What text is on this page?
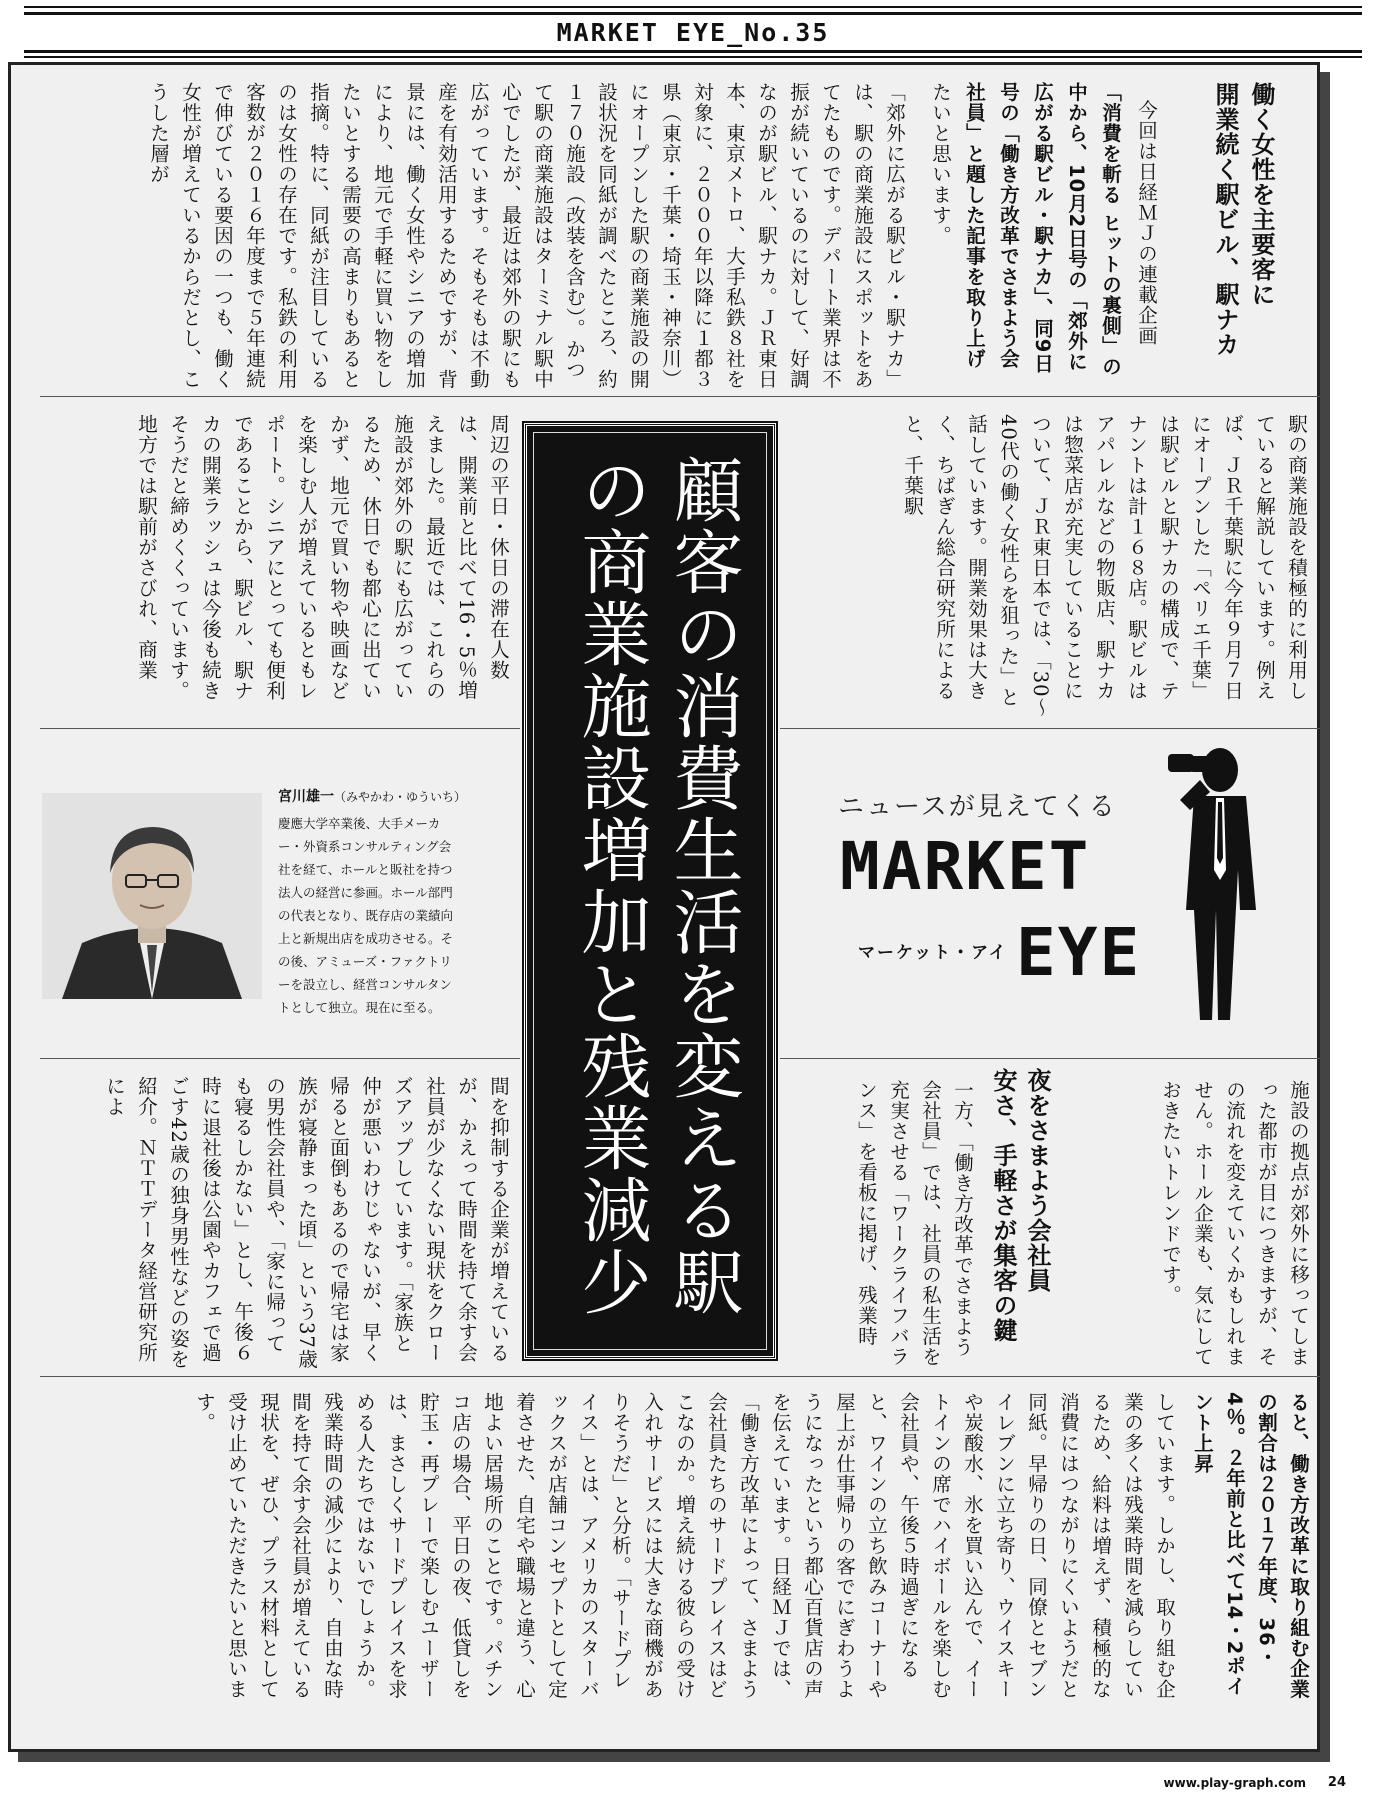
MARKET EYE_No.35
働く女性を主要客に
開業続く駅ビル、駅ナカ
今回は日経ＭＪの連載企画
「消費を斬る ヒットの裏側」の
中から、10月2日号の「郊外に
広がる駅ビル・駅ナカ」、同9日
号の「働き方改革でさまよう会
社員」と題した記事を取り上げ
たいと思います。
「郊外に広がる駅ビル・駅ナカ」は、駅の商業施設にスポットをあてたものです。デパート業界は不振が続いているのに対して、好調なのが駅ビル、駅ナカ。ＪＲ東日本、東京メトロ、大手私鉄８社を対象に、２０００年以降に１都３県（東京・千葉・埼玉・神奈川）にオープンした駅の商業施設の開設状況を同紙が調べたところ、約１７０施設（改装を含む）。かつて駅の商業施設はターミナル駅中心でしたが、最近は郊外の駅にも広がっています。そもそもは不動産を有効活用するためですが、背景には、働く女性やシニアの増加により、地元で手軽に買い物をしたいとする需要の高まりもあると指摘。特に、同紙が注目しているのは女性の存在です。私鉄の利用客数が２０１６年度まで５年連続で伸びている要因の一つも、働く女性が増えているからだとし、こうした層が
駅の商業施設を積極的に利用していると解説しています。例えば、ＪＲ千葉駅に今年９月７日にオープンした「ペリエ千葉」は駅ビルと駅ナカの構成で、テナントは計１６８店。駅ビルはアパレルなどの物販店、駅ナカは惣菜店が充実していることについて、ＪＲ東日本では、「30～40代の働く女性らを狙った」と話しています。開業効果は大きく、ちばぎん総合研究所によると、千葉駅
周辺の平日・休日の滞在人数は、開業前と比べて16・5％増えました。最近では、これらの施設が郊外の駅にも広がっているため、休日でも都心に出ていかず、地元で買い物や映画などを楽しむ人が増えているともレポート。シニアにとっても便利であることから、駅ビル、駅ナカの開業ラッシュは今後も続きそうだと締めくくっています。地方では駅前がさびれ、商業	顧客の消費生活を変える駅の商業施設増加と残業減少
宮川雄一（みやかわ・ゆういち）
慶應大学卒業後、大手メーカー・外資系コンサルティング会社を経て、ホールと販社を持つ法人の経営に参画。ホール部門の代表となり、既存店の業績向上と新規出店を成功させる。その後、アミューズ・ファクトリーを設立し、経営コンサルタントとして独立。現在に至る。
ニュースが見えてくる
MARKET
マーケット・アイ EYE
施設の拠点が郊外に移ってしまった都市が目につきますが、その流れを変えていくかもしれません。ホール企業も、気にしておきたいトレンドです。
夜をさまよう会社員
安さ、手軽さが集客の鍵
一方、「働き方改革でさまよう会社員」では、社員の私生活を充実させる「ワークライフバランス」を看板に掲げ、残業時
間を抑制する企業が増えているが、かえって時間を持て余す会社員が少なくない現状をクローズアップしています。「家族と仲が悪いわけじゃないが、早く帰ると面倒もあるので帰宅は家族が寝静まった頃」という37歳の男性会社員や、「家に帰っても寝るしかない」とし、午後６時に退社後は公園やカフェで過ごす42歳の独身男性などの姿を紹介。ＮＴＴデータ経営研究所によ
ると、働き方改革に取り組む企業の割合は２０１７年度、36・4％。２年前と比べて14・2ポイント上昇
しています。しかし、取り組む企業の多くは残業時間を減らしているため、給料は増えず、積極的な消費にはつながりにくいようだと同紙。早帰りの日、同僚とセブンイレブンに立ち寄り、ウイスキーや炭酸水、氷を買い込んで、イートインの席でハイボールを楽しむ会社員や、午後５時過ぎになると、ワインの立ち飲みコーナーや屋上が仕事帰りの客でにぎわうようになったという都心百貨店の声を伝えています。日経ＭＪでは、「働き方改革によって、さまよう会社員たちのサードプレイスはどこなのか。増え続ける彼らの受け入れサービスには大きな商機がありそうだ」と分析。「サードプレイス」とは、アメリカのスターバックスが店舗コンセプトとして定着させた、自宅や職場と違う、心地よい居場所のことです。パチンコ店の場合、平日の夜、低貸しを貯玉・再プレーで楽しむユーザーは、まさしくサードプレイスを求める人たちではないでしょうか。残業時間の減少により、自由な時間を持て余す会社員が増えている現状を、ぜひ、プラス材料として受け止めていただきたいと思います。
www.play-graph.com 24
